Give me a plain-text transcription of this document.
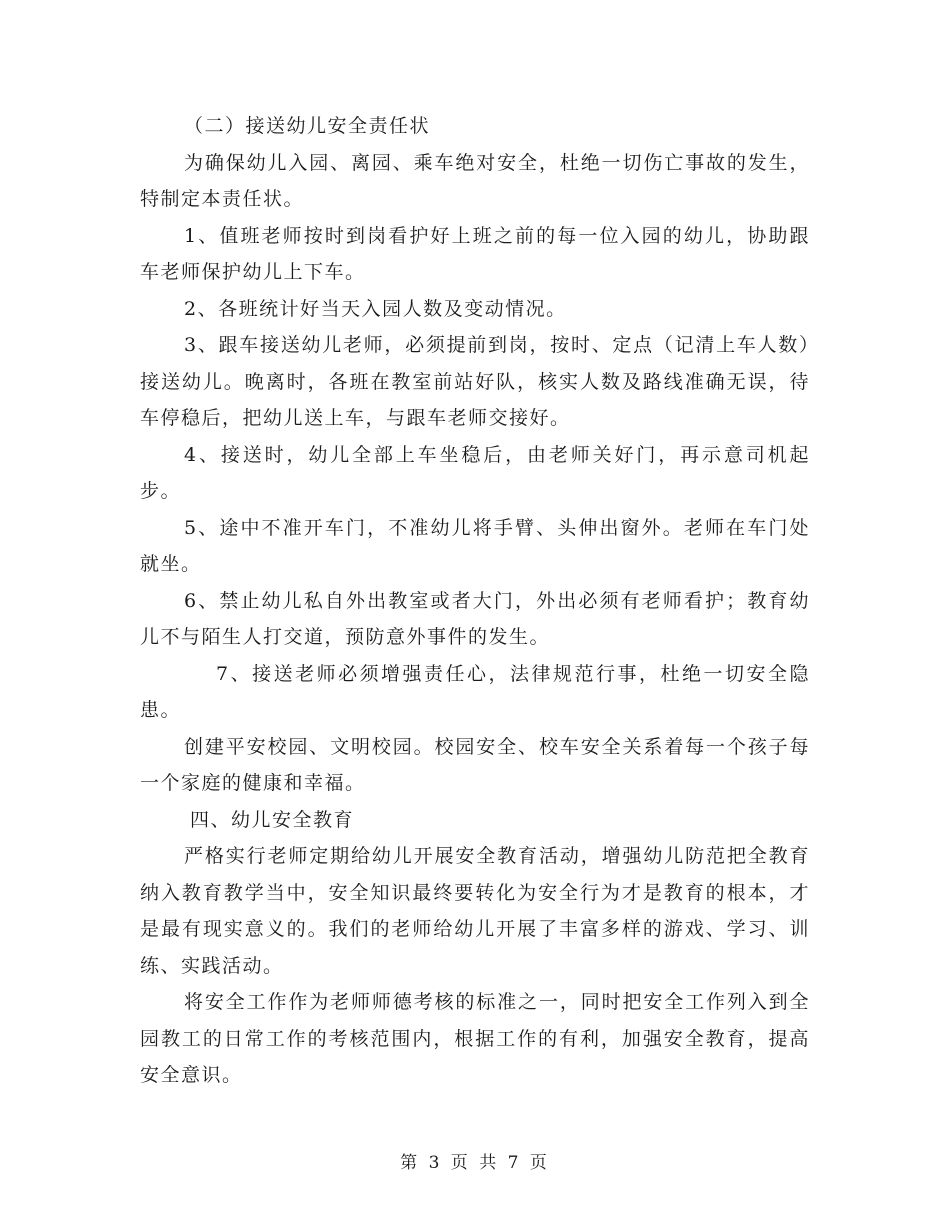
（二）接送幼儿安全责任状

为确保幼儿入园、离园、乘车绝对安全，杜绝一切伤亡事故的发生， 特制定本责任状。

1、值班老师按时到岗看护好上班之前的每一位入园的幼儿，协助跟车老师保护幼儿上下车。

2、各班统计好当天入园人数及变动情况。

3、跟车接送幼儿老师，必须提前到岗，按时、定点（记清上车人数）接送幼儿。晚离时，各班在教室前站好队，核实人数及路线准确无误，待车停稳后，把幼儿送上车，与跟车老师交接好。

4、接送时，幼儿全部上车坐稳后，由老师关好门，再示意司机起步。

5、途中不准开车门，不准幼儿将手臂、头伸出窗外。老师在车门处就坐。

6、禁止幼儿私自外出教室或者大门，外出必须有老师看护；教育幼儿不与陌生人打交道，预防意外事件的发生。

7、接送老师必须增强责任心，法律规范行事，杜绝一切安全隐患。

创建平安校园、文明校园。校园安全、校车安全关系着每一个孩子每一个家庭的健康和幸福。

四、幼儿安全教育

严格实行老师定期给幼儿开展安全教育活动，增强幼儿防范把全教育纳入教育教学当中，安全知识最终要转化为安全行为才是教育的根本，才是最有现实意义的。我们的老师给幼儿开展了丰富多样的游戏、学习、训练、实践活动。

将安全工作作为老师师德考核的标准之一，同时把安全工作列入到全园教工的日常工作的考核范围内，根据工作的有利，加强安全教育，提高安全意识。

第 3 页 共 7 页
